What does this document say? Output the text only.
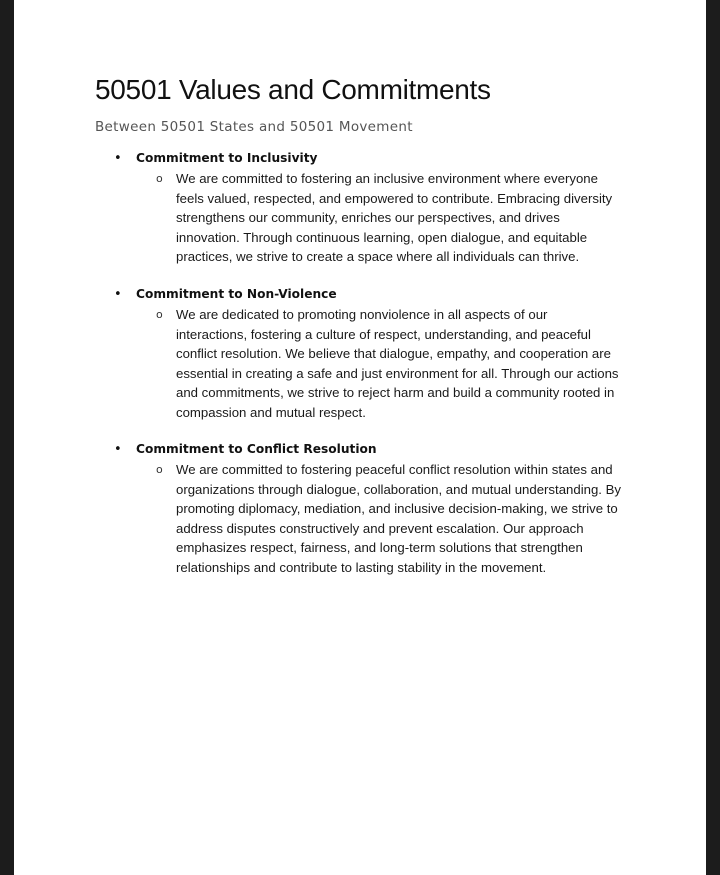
50501 Values and Commitments

Between 50501 States and 50501 Movement

• Commitment to Inclusivity
o We are committed to fostering an inclusive environment where everyone
feels valued, respected, and empowered to contribute. Embracing diversity
strengthens our community, enriches our perspectives, and drives
innovation. Through continuous learning, open dialogue, and equitable
practices, we strive to create a space where all individuals can thrive.

• Commitment to Non-Violence
o We are dedicated to promoting nonviolence in all aspects of our
interactions, fostering a culture of respect, understanding, and peaceful
conflict resolution. We believe that dialogue, empathy, and cooperation are
essential in creating a safe and just environment for all. Through our actions
and commitments, we strive to reject harm and build a community rooted in
compassion and mutual respect.

• Commitment to Conflict Resolution
o We are committed to fostering peaceful conflict resolution within states and
organizations through dialogue, collaboration, and mutual understanding. By
promoting diplomacy, mediation, and inclusive decision-making, we strive to
address disputes constructively and prevent escalation. Our approach
emphasizes respect, fairness, and long-term solutions that strengthen
relationships and contribute to lasting stability in the movement.
